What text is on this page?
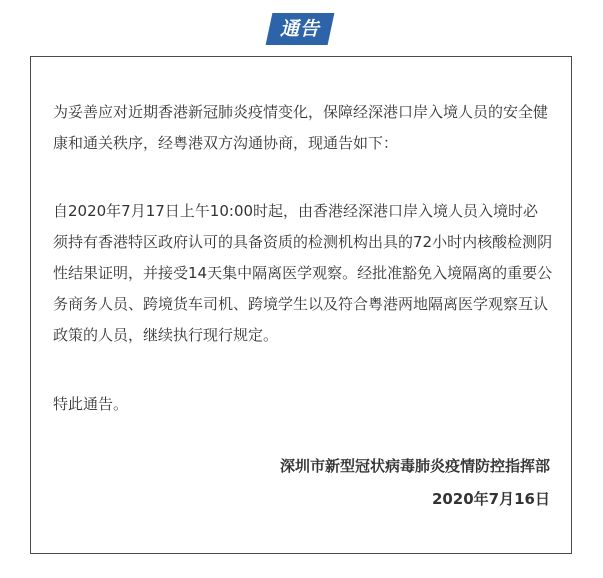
通告

为妥善应对近期香港新冠肺炎疫情变化，保障经深港口岸入境人员的安全健康和通关秩序，经粤港双方沟通协商，现通告如下：

自2020年7月17日上午10:00时起，由香港经深港口岸入境人员入境时必须持有香港特区政府认可的具备资质的检测机构出具的72小时内核酸检测阴性结果证明，并接受14天集中隔离医学观察。经批准豁免入境隔离的重要公务商务人员、跨境货车司机、跨境学生以及符合粤港两地隔离医学观察互认政策的人员，继续执行现行规定。

特此通告。

深圳市新型冠状病毒肺炎疫情防控指挥部
2020年7月16日
